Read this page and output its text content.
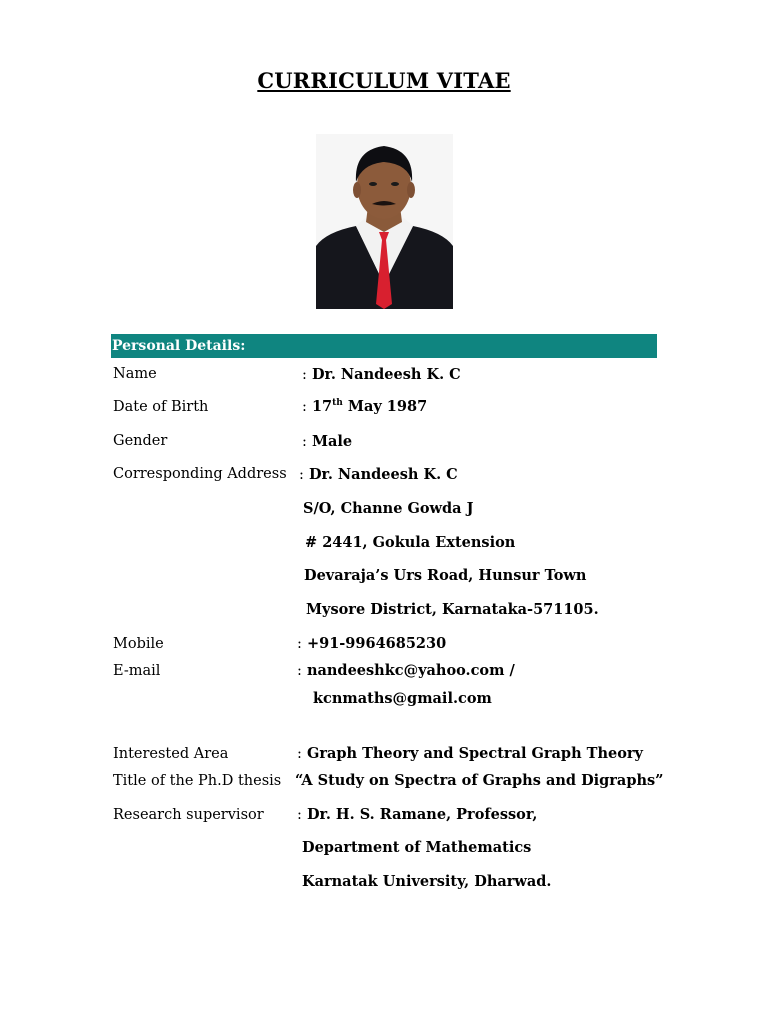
CURRICULUM VITAE
Personal Details:
Name	: Dr. Nandeesh K. C
Date of Birth	: 17th May 1987
Gender	: Male
Corresponding Address : Dr. Nandeesh K. C
S/O, Channe Gowda J
# 2441, Gokula Extension
Devaraja’s Urs Road, Hunsur Town
Mysore District, Karnataka-571105.
Mobile	: +91-9964685230
E-mail	: nandeeshkc@yahoo.com /
kcnmaths@gmail.com
Interested Area	: Graph Theory and Spectral Graph Theory
Title of the Ph.D thesis “A Study on Spectra of Graphs and Digraphs”
Research supervisor : Dr. H. S. Ramane, Professor,
Department of Mathematics
Karnatak University, Dharwad.
